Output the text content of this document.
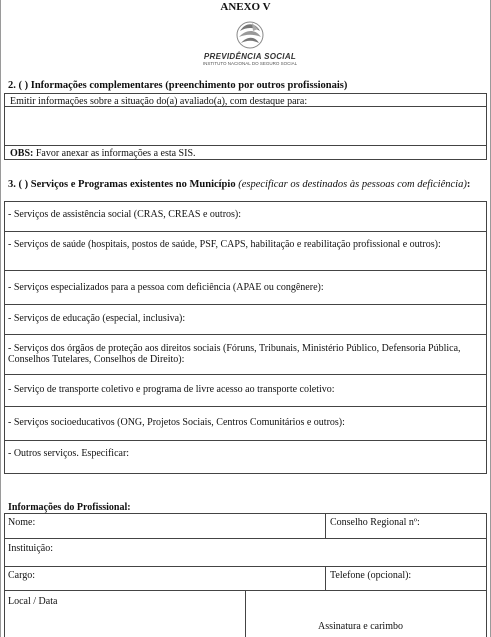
ANEXO V
PREVIDÊNCIA SOCIAL
INSTITUTO NACIONAL DO SEGURO SOCIAL
2. ( ) Informações complementares (preenchimento por outros profissionais)
Emitir informações sobre a situação do(a) avaliado(a), com destaque para:
OBS: Favor anexar as informações a esta SIS.
3. ( ) Serviços e Programas existentes no Município (especificar os destinados às pessoas com deficiência):
- Serviços de assistência social (CRAS, CREAS e outros):
- Serviços de saúde (hospitais, postos de saúde, PSF, CAPS, habilitação e reabilitação profissional e outros):
- Serviços especializados para a pessoa com deficiência (APAE ou congênere):
- Serviços de educação (especial, inclusiva):
- Serviços dos órgãos de proteção aos direitos sociais (Fóruns, Tribunais, Ministério Público, Defensoria Pública, Conselhos Tutelares, Conselhos de Direito):
- Serviço de transporte coletivo e programa de livre acesso ao transporte coletivo:
- Serviços socioeducativos (ONG, Projetos Sociais, Centros Comunitários e outros):
- Outros serviços. Especificar:
Informações do Profissional:
Nome:	Conselho Regional nº:
Instituição:
Cargo:	Telefone (opcional):
Local / Data
Assinatura e carimbo
